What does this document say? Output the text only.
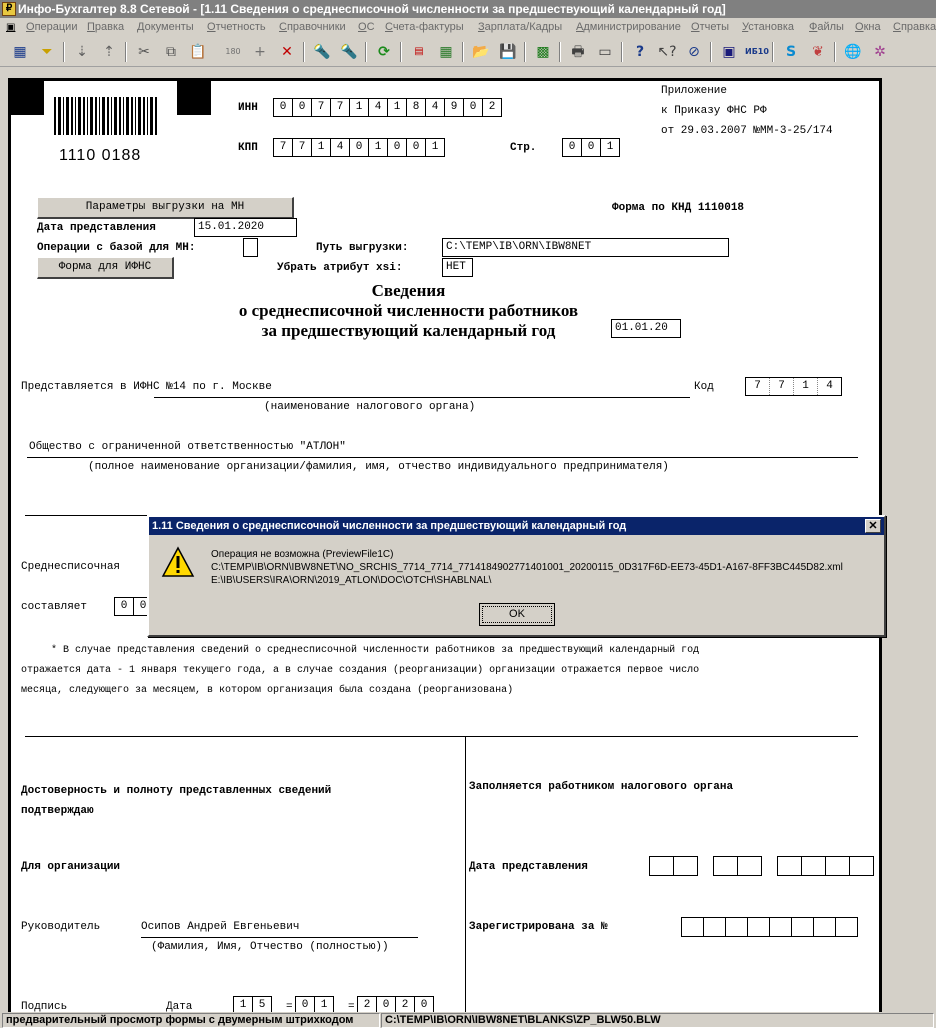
₽ Инфо-Бухгалтер 8.8 Сетевой - [1.11 Сведения о среднесписочной численности за предшествующий календарный год]
▣ Операции Правка Документы Отчетность Справочники ОС Счета-фактуры Зарплата/Кадры Администрирование Отчеты Установка Файлы Окна Справка
▦	⏷	⇣	⇡	✂	⧉ 📋	180 +	✕	🔦 🔦	⟳	▤	▦	📂 💾	▩	🖶 ▭	? ↖? ⊘	▣	ИБ10	S	❦	🌐 ✲
1110 0188
ИНН	0	0	7	7	1	4	1	8	4	9	0	2
КПП	7	7	1	4	0	1	0	0	1	Стр.	0	0	1
Приложение
к Приказу ФНС РФ
от 29.03.2007 №ММ-3-25/174
Параметры выгрузки на МН	Форма по КНД 1110018
Дата представления	15.01.2020
Операции с базой для МН:	Путь выгрузки:	C:\TEMP\IB\ORN\IBW8NET
Форма для ИФНС	Убрать атрибут xsi:	НЕТ
Сведения
о среднесписочной численности работников
за предшествующий календарный год	01.01.20
Представляется в ИФНС №14 по г. Москве	Код	7	7	1	4
(наименование налогового органа)
Общество с ограниченной ответственностью "АТЛОН"
(полное наименование организации/фамилия, имя, отчество индивидуального предпринимателя)
Среднесписочная
составляет	0	0
* В случае представления сведений о среднесписочной численности работников за предшествующий календарный год
отражается дата - 1 января текущего года, а в случае создания (реорганизации) организации отражается первое число
месяца, следующего за месяцем, в котором организация была создана (реорганизована)
Достоверность и полноту представленных сведений
подтверждаю
Заполняется работником налогового органа
Для организации	Дата представления
Руководитель	Осипов Андрей Евгеньевич
(Фамилия, Имя, Отчество (полностью))
Зарегистрирована за №
Подпись	Дата	1	5	= 0	1	= 2	0	2	0
1.11 Сведения о среднесписочной численности за предшествующий календарный год	✕
Операция не возможна (PreviewFile1C)
C:\TEMP\IB\ORN\IBW8NET\NO_SRCHIS_7714_7714_7714184902771401001_20200115_0D317F6D-EE73-45D1-A167-8FF3BC445D82.xml
E:\IB\USERS\IRA\ORN\2019_ATLON\DOC\OTCH\SHABLNAL\
OK
предварительный просмотр формы с двумерным штрихкодом	C:\TEMP\IB\ORN\IBW8NET\BLANKS\ZP_BLW50.BLW
